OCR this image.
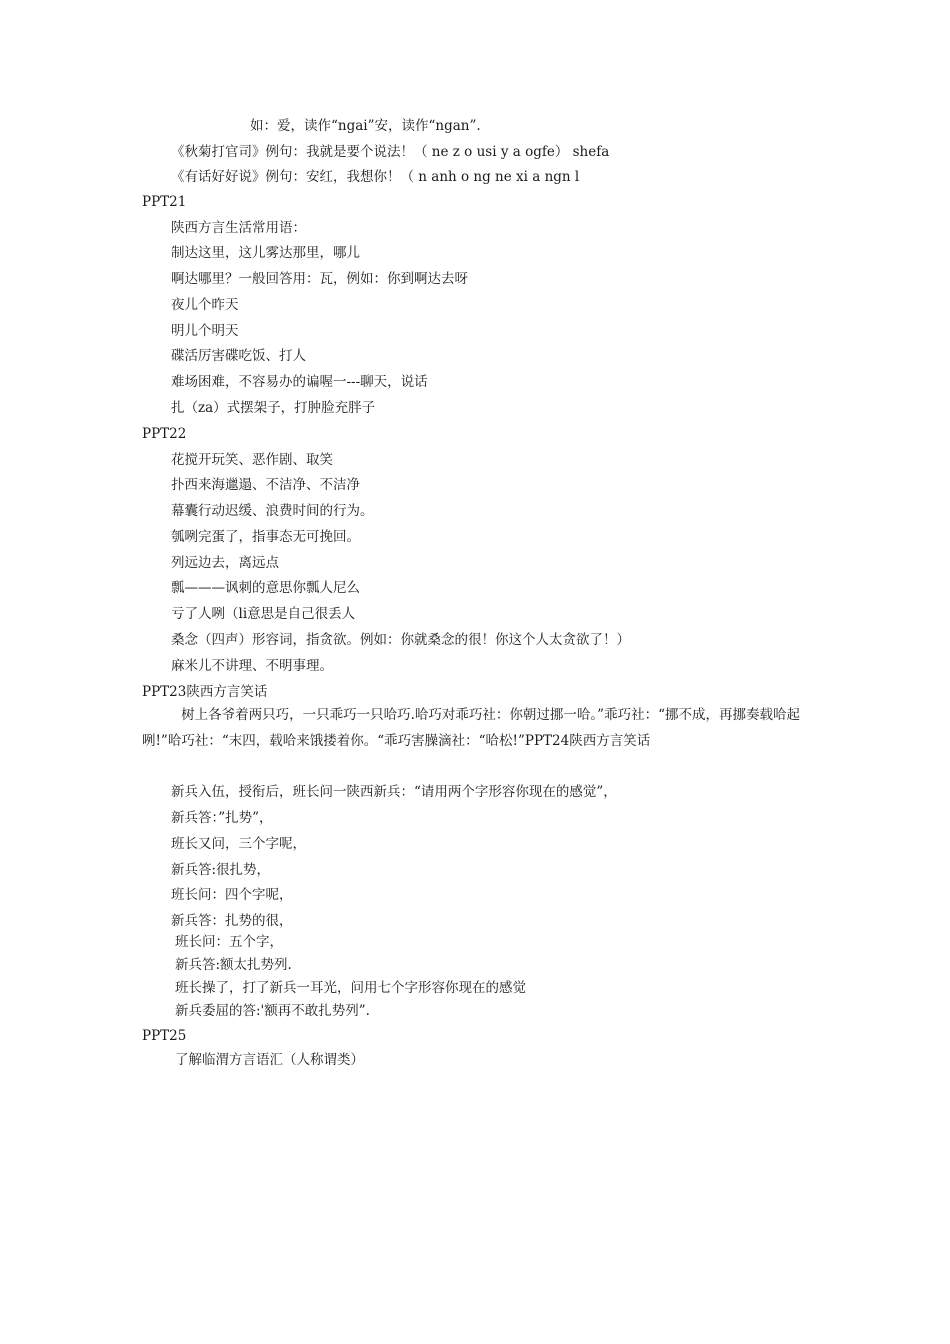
如：爱，读作“ngai”安，读作“ngan”.
《秋菊打官司》例句：我就是要个说法！（ ne z o usi y a ogfe） shefa
《有话好好说》例句：安红，我想你！（ n anh o ng ne xi a ngn l
PPT21
陕西方言生活常用语：
制达这里，这儿雾达那里，哪儿
啊达哪里？一般回答用：瓦，例如：你到啊达去呀
夜儿个昨天
明儿个明天
碟活厉害碟吃饭、打人
难场困难，不容易办的谝喔一---聊天，说话
扎（za）式摆架子，打肿脸充胖子
PPT22
花搅开玩笑、恶作剧、取笑
扑西来海邋遢、不洁净、不洁净
幕囊行动迟缓、浪费时间的行为。
瓠咧完蛋了，指事态无可挽回。
列远边去，离远点
瓢———讽刺的意思你瓢人尼么
亏了人咧（li意思是自己很丢人
桑念（四声）形容词，指贪欲。例如：你就桑念的很！你这个人太贪欲了！）
麻米儿不讲理、不明事理。
PPT23陕西方言笑话
树上各爷着两只巧，一只乖巧一只哈巧.哈巧对乖巧社：你朝过挪一哈。”乖巧社：“挪不成，再挪奏载哈起咧!”哈巧社：“末四，载哈来饿搂着你。“乖巧害臊滴社：“哈松!”PPT24陕西方言笑话
新兵入伍，授衔后，班长问一陕西新兵：“请用两个字形容你现在的感觉”，
新兵答：”扎势”，
班长又问，三个字呢，
新兵答:很扎势，
班长问：四个字呢，
新兵答：扎势的很，
班长问：五个字，
新兵答:额太扎势列.
班长操了，打了新兵一耳光，问用七个字形容你现在的感觉
新兵委屈的答:'额再不敢扎势列”.
PPT25
了解临渭方言语汇（人称谓类）
